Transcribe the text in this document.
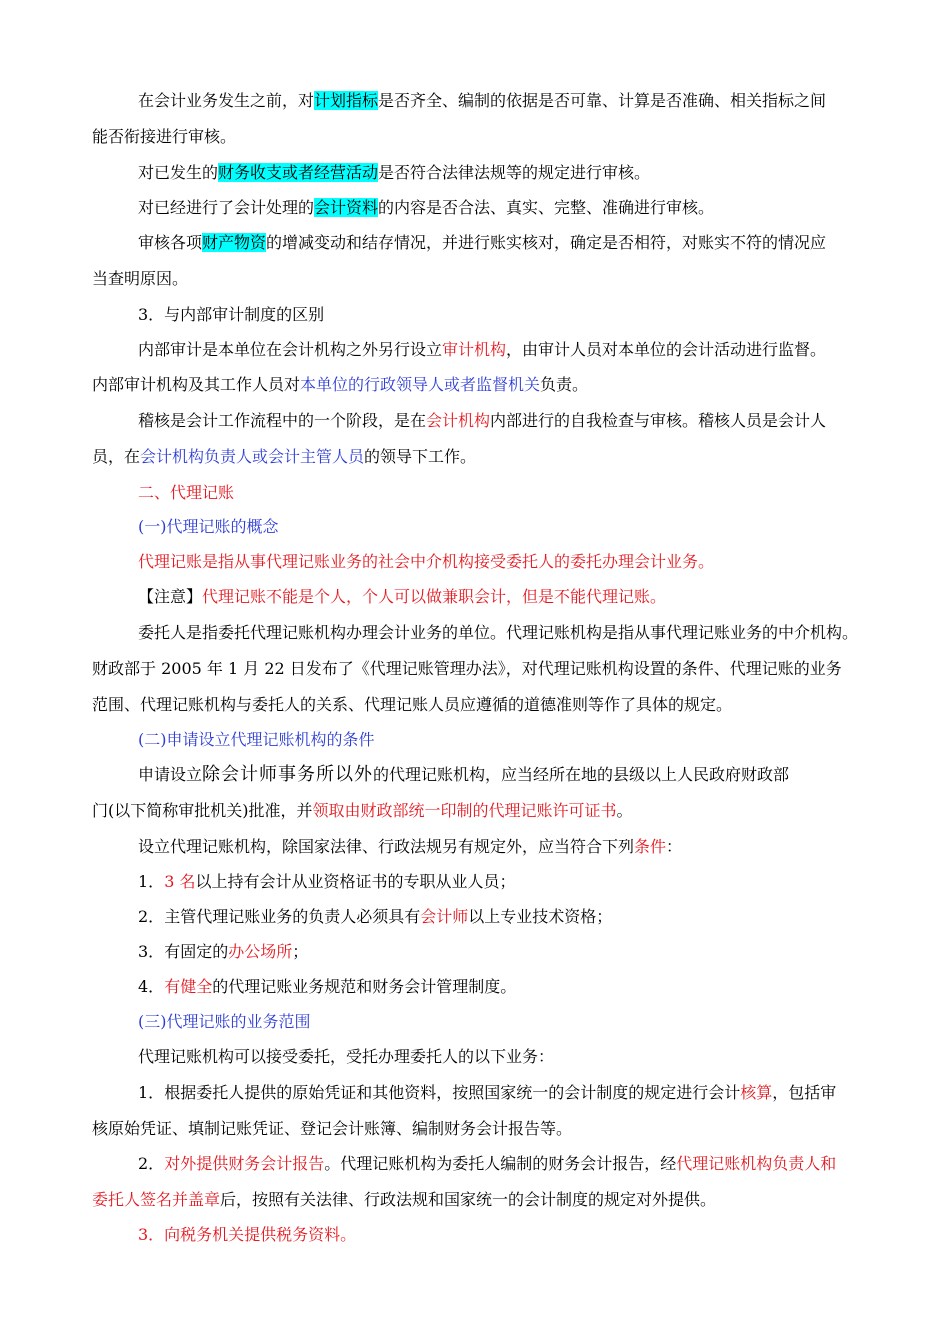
在会计业务发生之前，对计划指标是否齐全、编制的依据是否可靠、计算是否准确、相关指标之间
能否衔接进行审核。
对已发生的财务收支或者经营活动是否符合法律法规等的规定进行审核。
对已经进行了会计处理的会计资料的内容是否合法、真实、完整、准确进行审核。
审核各项财产物资的增减变动和结存情况，并进行账实核对，确定是否相符，对账实不符的情况应
当查明原因。
3．与内部审计制度的区别
内部审计是本单位在会计机构之外另行设立审计机构，由审计人员对本单位的会计活动进行监督。
内部审计机构及其工作人员对本单位的行政领导人或者监督机关负责。
稽核是会计工作流程中的一个阶段，是在会计机构内部进行的自我检查与审核。稽核人员是会计人
员，在会计机构负责人或会计主管人员的领导下工作。
二、代理记账
(一)代理记账的概念
代理记账是指从事代理记账业务的社会中介机构接受委托人的委托办理会计业务。
【注意】代理记账不能是个人，个人可以做兼职会计，但是不能代理记账。
委托人是指委托代理记账机构办理会计业务的单位。代理记账机构是指从事代理记账业务的中介机构。
财政部于 2005 年 1 月 22 日发布了《代理记账管理办法》，对代理记账机构设置的条件、代理记账的业务
范围、代理记账机构与委托人的关系、代理记账人员应遵循的道德准则等作了具体的规定。
(二)申请设立代理记账机构的条件
申请设立除会计师事务所以外的代理记账机构，应当经所在地的县级以上人民政府财政部
门(以下简称审批机关)批准，并领取由财政部统一印制的代理记账许可证书。
设立代理记账机构，除国家法律、行政法规另有规定外，应当符合下列条件：
1．3 名以上持有会计从业资格证书的专职从业人员；
2．主管代理记账业务的负责人必须具有会计师以上专业技术资格；
3．有固定的办公场所；
4．有健全的代理记账业务规范和财务会计管理制度。
(三)代理记账的业务范围
代理记账机构可以接受委托，受托办理委托人的以下业务：
1．根据委托人提供的原始凭证和其他资料，按照国家统一的会计制度的规定进行会计核算，包括审
核原始凭证、填制记账凭证、登记会计账簿、编制财务会计报告等。
2．对外提供财务会计报告。代理记账机构为委托人编制的财务会计报告，经代理记账机构负责人和
委托人签名并盖章后，按照有关法律、行政法规和国家统一的会计制度的规定对外提供。
3．向税务机关提供税务资料。
